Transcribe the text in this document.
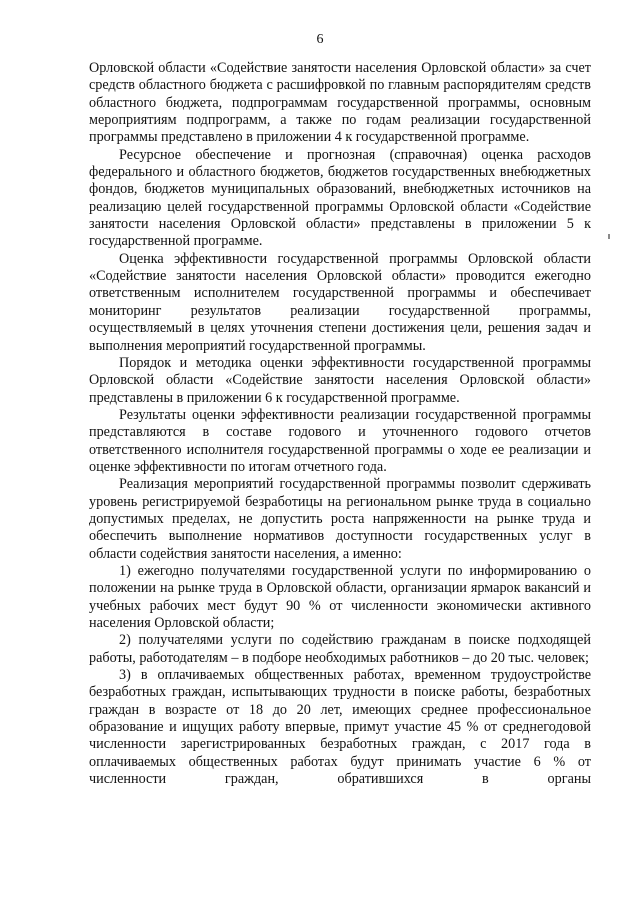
6

Орловской области «Содействие занятости населения Орловской области» за счет средств областного бюджета с расшифровкой по главным распорядителям средств областного бюджета, подпрограммам государственной программы, основным мероприятиям подпрограмм, а также по годам реализации государственной программы представлено в приложении 4 к государственной программе.

Ресурсное обеспечение и прогнозная (справочная) оценка расходов федерального и областного бюджетов, бюджетов государственных внебюджетных фондов, бюджетов муниципальных образований, внебюджетных источников на реализацию целей государственной программы Орловской области «Содействие занятости населения Орловской области» представлены в приложении 5 к государственной программе.

Оценка эффективности государственной программы Орловской области «Содействие занятости населения Орловской области» проводится ежегодно ответственным исполнителем государственной программы и обеспечивает мониторинг результатов реализации государственной программы, осуществляемый в целях уточнения степени достижения цели, решения задач и выполнения мероприятий государственной программы.

Порядок и методика оценки эффективности государственной программы Орловской области «Содействие занятости населения Орловской области» представлены в приложении 6 к государственной программе.

Результаты оценки эффективности реализации государственной программы представляются в составе годового и уточненного годового отчетов ответственного исполнителя государственной программы о ходе ее реализации и оценке эффективности по итогам отчетного года.

Реализация мероприятий государственной программы позволит сдерживать уровень регистрируемой безработицы на региональном рынке труда в социально допустимых пределах, не допустить роста напряженности на рынке труда и обеспечить выполнение нормативов доступности государственных услуг в области содействия занятости населения, а именно:

1) ежегодно получателями государственной услуги по информированию о положении на рынке труда в Орловской области, организации ярмарок вакансий и учебных рабочих мест будут 90 % от численности экономически активного населения Орловской области;

2) получателями услуги по содействию гражданам в поиске подходящей работы, работодателям – в подборе необходимых работников – до 20 тыс. человек;

3) в оплачиваемых общественных работах, временном трудоустройстве безработных граждан, испытывающих трудности в поиске работы, безработных граждан в возрасте от 18 до 20 лет, имеющих среднее профессиональное образование и ищущих работу впервые, примут участие 45 % от среднегодовой численности зарегистрированных безработных граждан, с 2017 года в оплачиваемых общественных работах будут принимать участие 6 % от численности граждан, обратившихся в органы
